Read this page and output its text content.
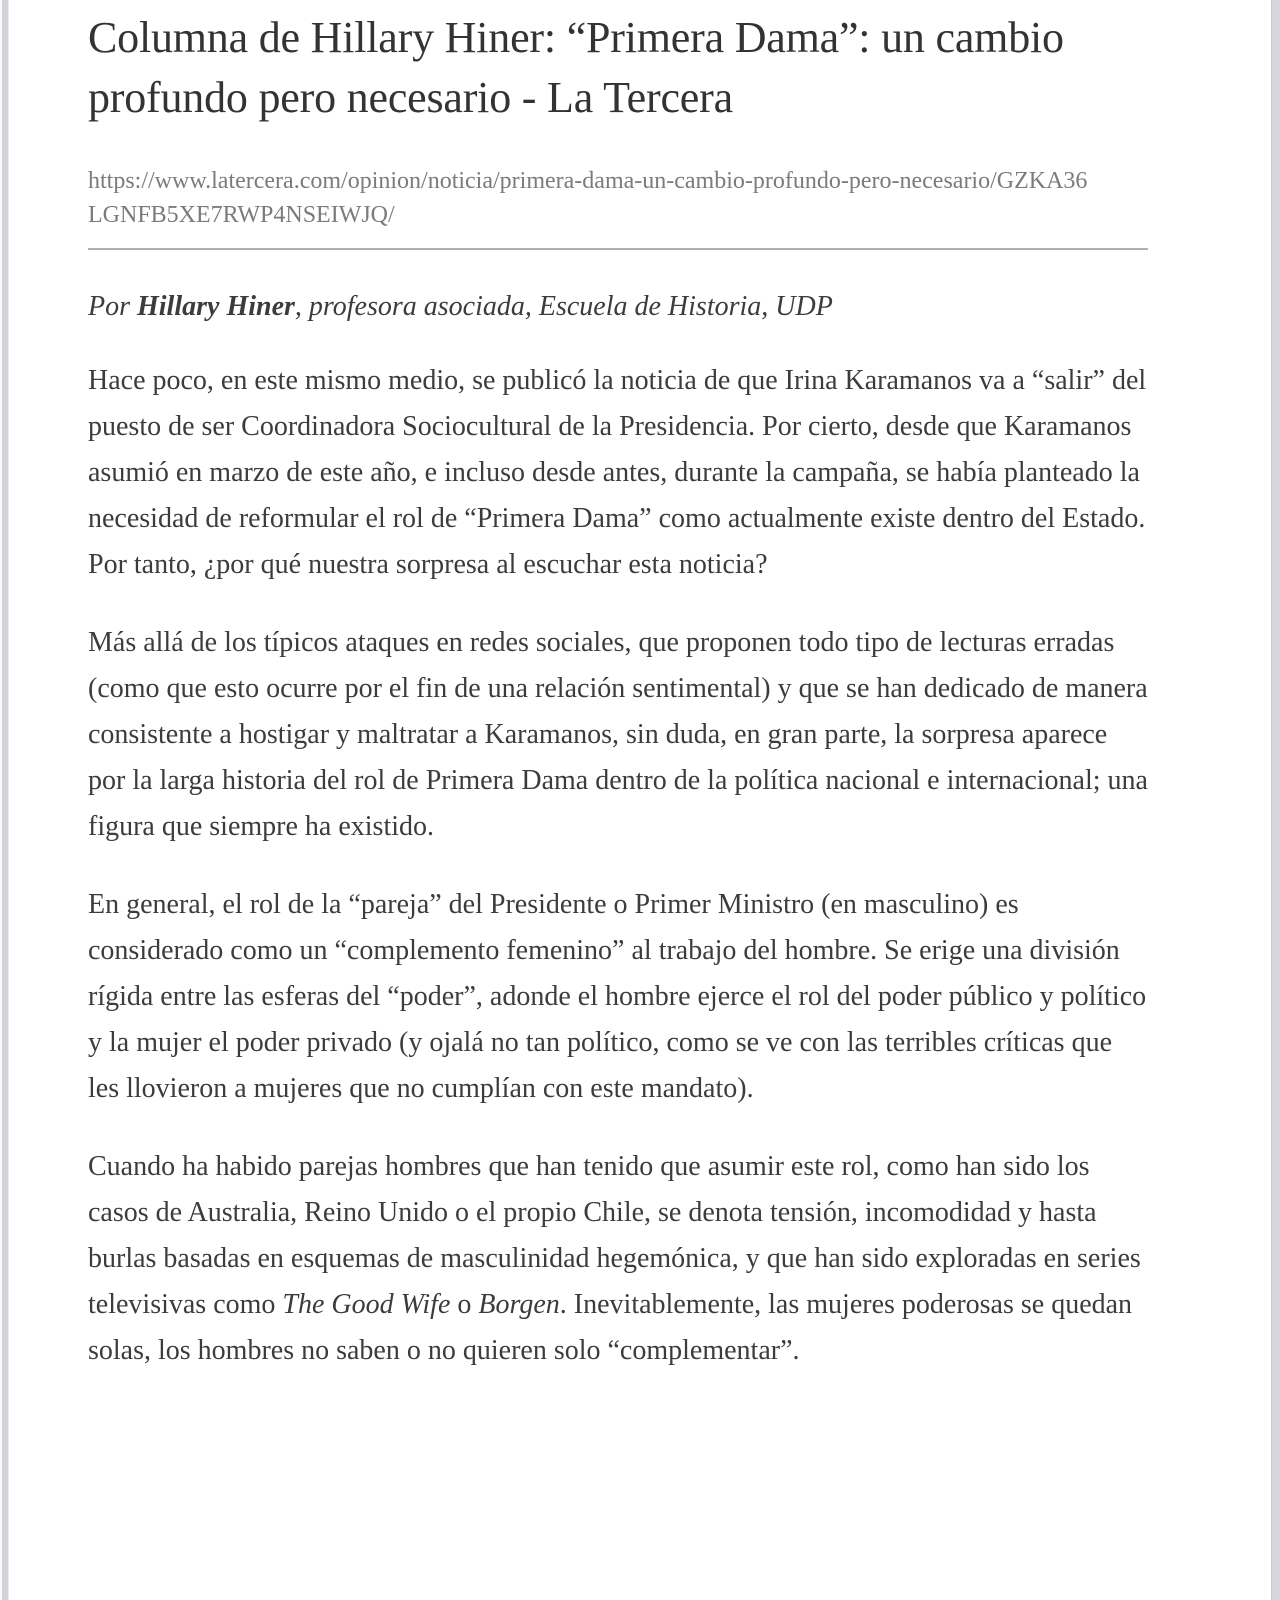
Columna de Hillary Hiner: “Primera Dama”: un cambio profundo pero necesario - La Tercera

https://www.latercera.com/opinion/noticia/primera-dama-un-cambio-profundo-pero-necesario/GZKA36LGNFB5XE7RWP4NSEIWJQ/

Por Hillary Hiner, profesora asociada, Escuela de Historia, UDP

Hace poco, en este mismo medio, se publicó la noticia de que Irina Karamanos va a “salir” del puesto de ser Coordinadora Sociocultural de la Presidencia. Por cierto, desde que Karamanos asumió en marzo de este año, e incluso desde antes, durante la campaña, se había planteado la necesidad de reformular el rol de “Primera Dama” como actualmente existe dentro del Estado. Por tanto, ¿por qué nuestra sorpresa al escuchar esta noticia?

Más allá de los típicos ataques en redes sociales, que proponen todo tipo de lecturas erradas (como que esto ocurre por el fin de una relación sentimental) y que se han dedicado de manera consistente a hostigar y maltratar a Karamanos, sin duda, en gran parte, la sorpresa aparece por la larga historia del rol de Primera Dama dentro de la política nacional e internacional; una figura que siempre ha existido.

En general, el rol de la “pareja” del Presidente o Primer Ministro (en masculino) es considerado como un “complemento femenino” al trabajo del hombre. Se erige una división rígida entre las esferas del “poder”, adonde el hombre ejerce el rol del poder público y político y la mujer el poder privado (y ojalá no tan político, como se ve con las terribles críticas que les llovieron a mujeres que no cumplían con este mandato).

Cuando ha habido parejas hombres que han tenido que asumir este rol, como han sido los casos de Australia, Reino Unido o el propio Chile, se denota tensión, incomodidad y hasta burlas basadas en esquemas de masculinidad hegemónica, y que han sido exploradas en series televisivas como The Good Wife o Borgen. Inevitablemente, las mujeres poderosas se quedan solas, los hombres no saben o no quieren solo “complementar”.
